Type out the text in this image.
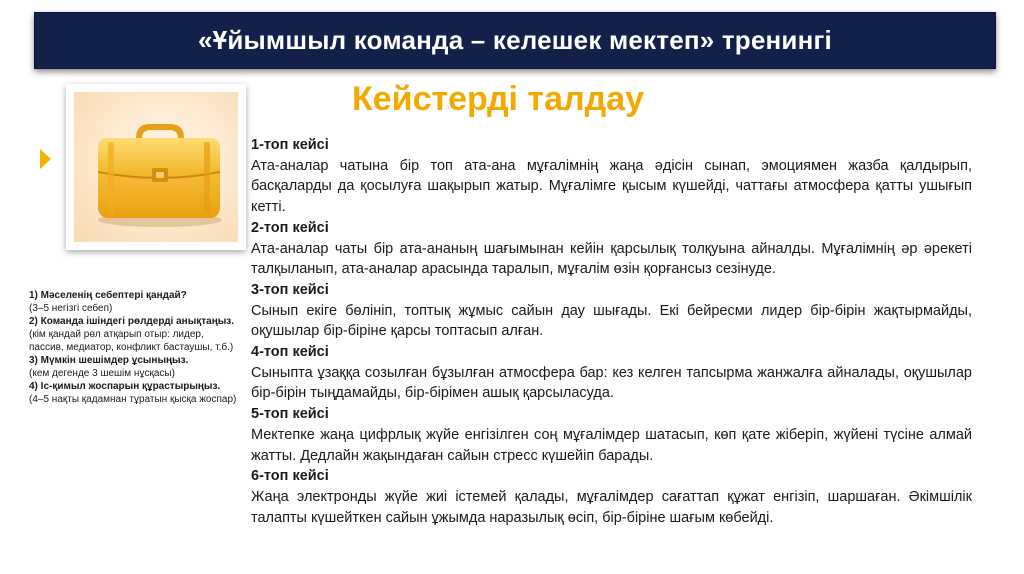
«Ұйымшыл команда – келешек мектеп» тренингі
Кейстерді талдау
1) Мәселенің себептері қандай?
(3–5 негізгі себеп)
2) Команда ішіндегі рөлдерді анықтаңыз.
(кім қандай рөл атқарып отыр: лидер, пассив, медиатор, конфликт бастаушы, т.б.)
3) Мүмкін шешімдер ұсыныңыз.
(кем дегенде 3 шешім нұсқасы)
4) Іс-қимыл жоспарын құрастырыңыз.
(4–5 нақты қадамнан тұратын қысқа жоспар)
1-топ кейсі
Ата-аналар чатына бір топ ата-ана мұғалімнің жаңа әдісін сынап, эмоциямен жазба қалдырып, басқаларды да қосылуға шақырып жатыр. Мұғалімге қысым күшейді, чаттағы атмосфера қатты ушығып кетті.
2-топ кейсі
Ата-аналар чаты бір ата-ананың шағымынан кейін қарсылық толқуына айналды. Мұғалімнің әр әрекеті талқыланып, ата-аналар арасында таралып, мұғалім өзін қорғансыз сезінуде.
3-топ кейсі
Сынып екіге бөлініп, топтық жұмыс сайын дау шығады. Екі бейресми лидер бір-бірін жақтырмайды, оқушылар бір-біріне қарсы топтасып алған.
4-топ кейсі
Сыныпта ұзаққа созылған бұзылған атмосфера бар: кез келген тапсырма жанжалға айналады, оқушылар бір-бірін тыңдамайды, бір-бірімен ашық қарсыласуда.
5-топ кейсі
Мектепке жаңа цифрлық жүйе енгізілген соң мұғалімдер шатасып, көп қате жіберіп, жүйені түсіне алмай жатты. Дедлайн жақындаған сайын стресс күшейіп барады.
6-топ кейсі
Жаңа электронды жүйе жиі істемей қалады, мұғалімдер сағаттап құжат енгізіп, шаршаған. Әкімшілік талапты күшейткен сайын ұжымда наразылық өсіп, бір-біріне шағым көбейді.
